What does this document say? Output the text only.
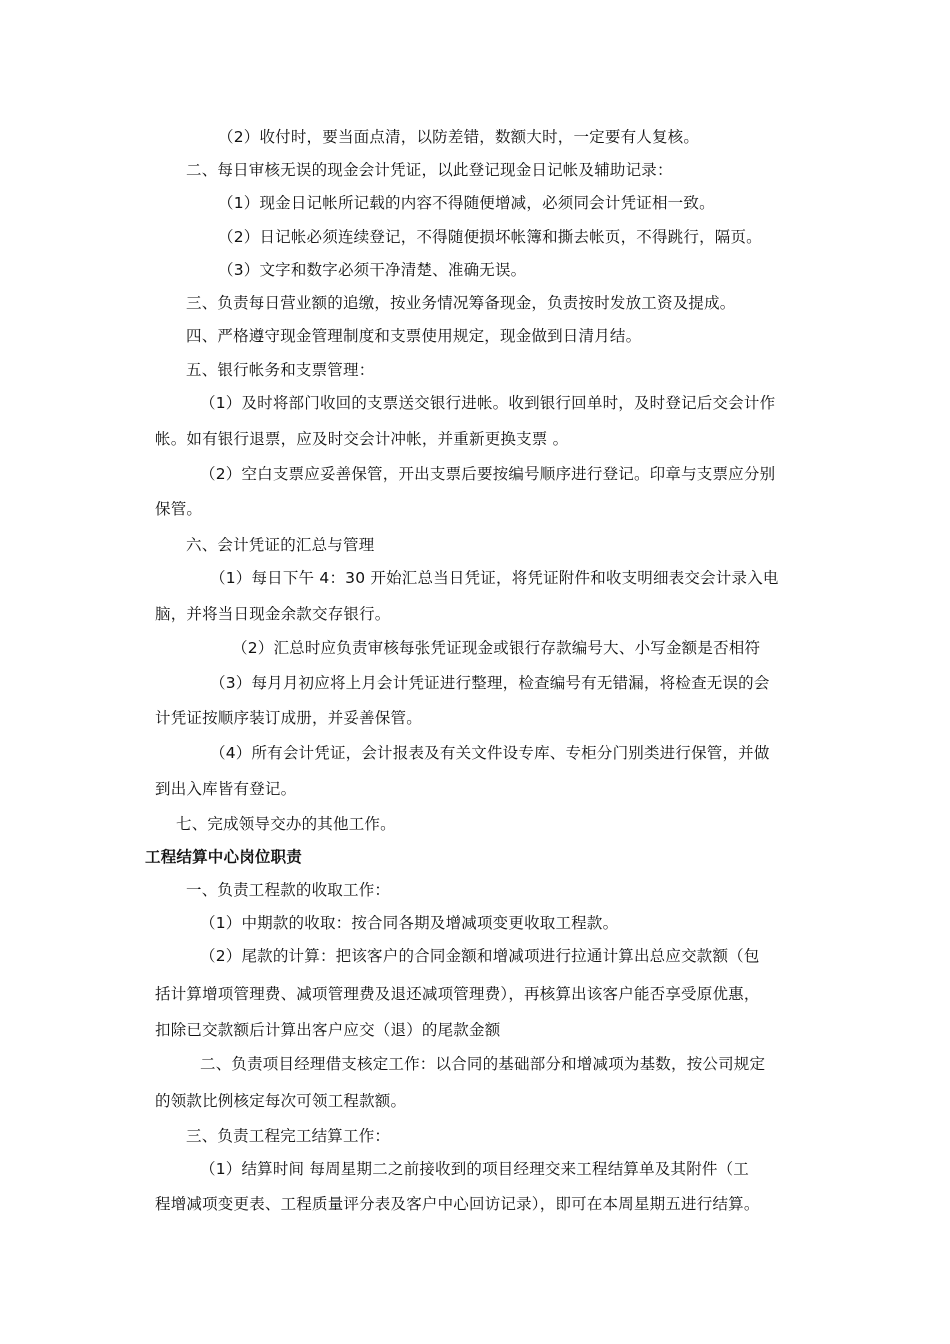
（2）收付时，要当面点清，以防差错，数额大时，一定要有人复核。
二、每日审核无误的现金会计凭证，以此登记现金日记帐及辅助记录：
（1）现金日记帐所记载的内容不得随便增减，必须同会计凭证相一致。
（2）日记帐必须连续登记，不得随便损坏帐簿和撕去帐页，不得跳行，隔页。
（3）文字和数字必须干净清楚、准确无误。
三、负责每日营业额的追缴，按业务情况筹备现金，负责按时发放工资及提成。
四、严格遵守现金管理制度和支票使用规定，现金做到日清月结。
五、银行帐务和支票管理：
（1）及时将部门收回的支票送交银行进帐。收到银行回单时，及时登记后交会计作
帐。如有银行退票，应及时交会计冲帐，并重新更换支票 。
（2）空白支票应妥善保管，开出支票后要按编号顺序进行登记。印章与支票应分别
保管。
六、会计凭证的汇总与管理
（1）每日下午 4：30 开始汇总当日凭证，将凭证附件和收支明细表交会计录入电
脑，并将当日现金余款交存银行。
（2）汇总时应负责审核每张凭证现金或银行存款编号大、小写金额是否相符
（3）每月月初应将上月会计凭证进行整理，检查编号有无错漏，将检查无误的会
计凭证按顺序装订成册，并妥善保管。
（4）所有会计凭证，会计报表及有关文件设专库、专柜分门别类进行保管，并做
到出入库皆有登记。
七、完成领导交办的其他工作。
工程结算中心岗位职责
一、负责工程款的收取工作：
（1）中期款的收取：按合同各期及增减项变更收取工程款。
（2）尾款的计算：把该客户的合同金额和增减项进行拉通计算出总应交款额（包
括计算增项管理费、减项管理费及退还减项管理费），再核算出该客户能否享受原优惠，
扣除已交款额后计算出客户应交（退）的尾款金额
二、负责项目经理借支核定工作：以合同的基础部分和增减项为基数，按公司规定
的领款比例核定每次可领工程款额。
三、负责工程完工结算工作：
（1）结算时间 每周星期二之前接收到的项目经理交来工程结算单及其附件（工
程增减项变更表、工程质量评分表及客户中心回访记录），即可在本周星期五进行结算。
